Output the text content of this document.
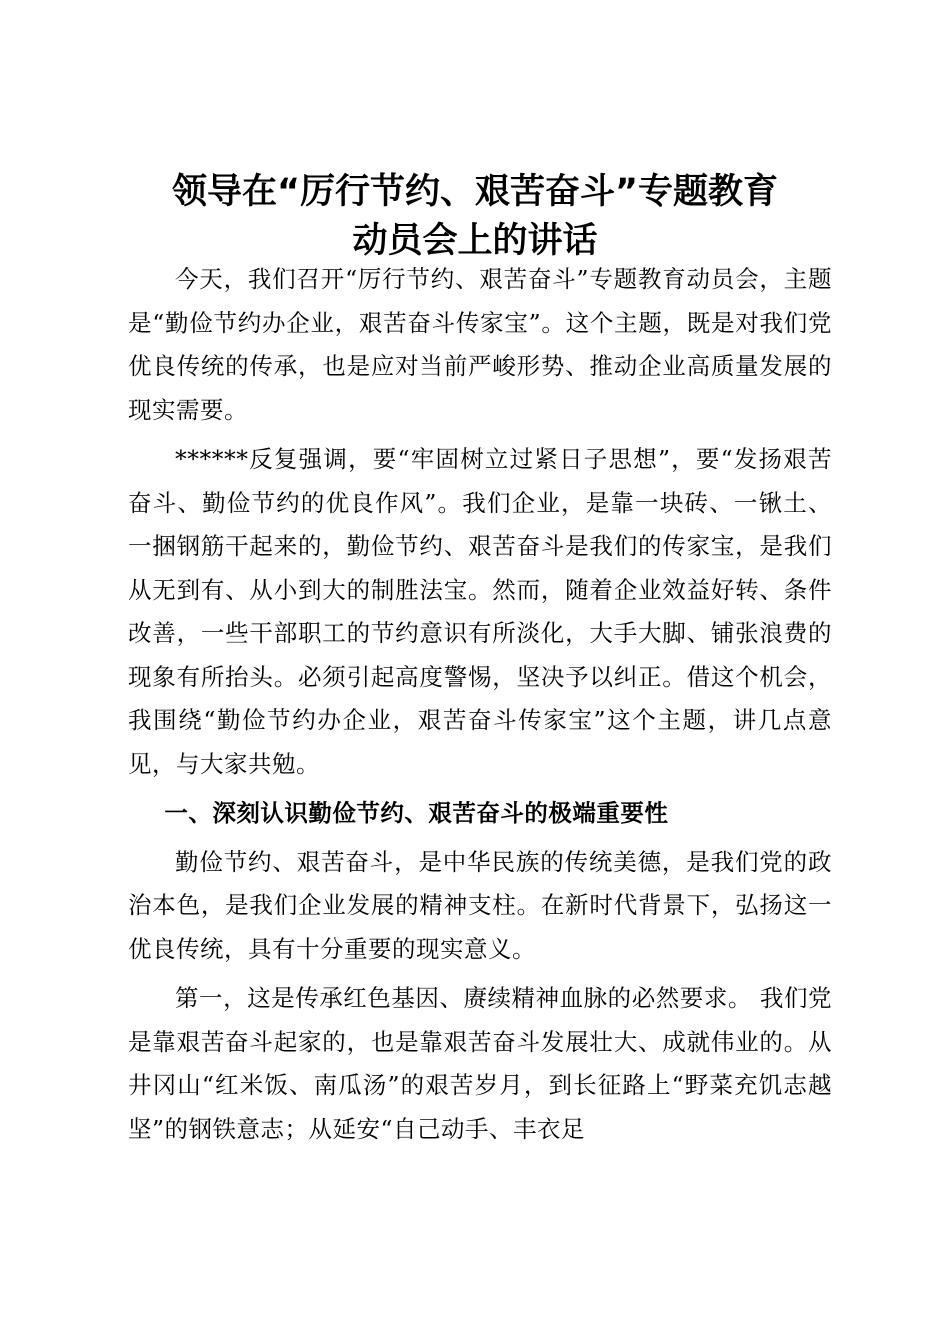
领导在“厉行节约、艰苦奋斗”专题教育
动员会上的讲话

今天，我们召开“厉行节约、艰苦奋斗”专题教育动员会，主题是“勤俭节约办企业，艰苦奋斗传家宝”。这个主题，既是对我们党优良传统的传承，也是应对当前严峻形势、推动企业高质量发展的现实需要。

******反复强调，要“牢固树立过紧日子思想”，要“发扬艰苦奋斗、勤俭节约的优良作风”。我们企业，是靠一块砖、一锹土、一捆钢筋干起来的，勤俭节约、艰苦奋斗是我们的传家宝，是我们从无到有、从小到大的制胜法宝。然而，随着企业效益好转、条件改善，一些干部职工的节约意识有所淡化，大手大脚、铺张浪费的现象有所抬头。必须引起高度警惕，坚决予以纠正。借这个机会，我围绕“勤俭节约办企业，艰苦奋斗传家宝”这个主题，讲几点意见，与大家共勉。

一、深刻认识勤俭节约、艰苦奋斗的极端重要性

勤俭节约、艰苦奋斗，是中华民族的传统美德，是我们党的政治本色，是我们企业发展的精神支柱。在新时代背景下，弘扬这一优良传统，具有十分重要的现实意义。

第一，这是传承红色基因、赓续精神血脉的必然要求。 我们党是靠艰苦奋斗起家的，也是靠艰苦奋斗发展壮大、成就伟业的。从井冈山“红米饭、南瓜汤”的艰苦岁月，到长征路上“野菜充饥志越坚”的钢铁意志；从延安“自己动手、丰衣足
